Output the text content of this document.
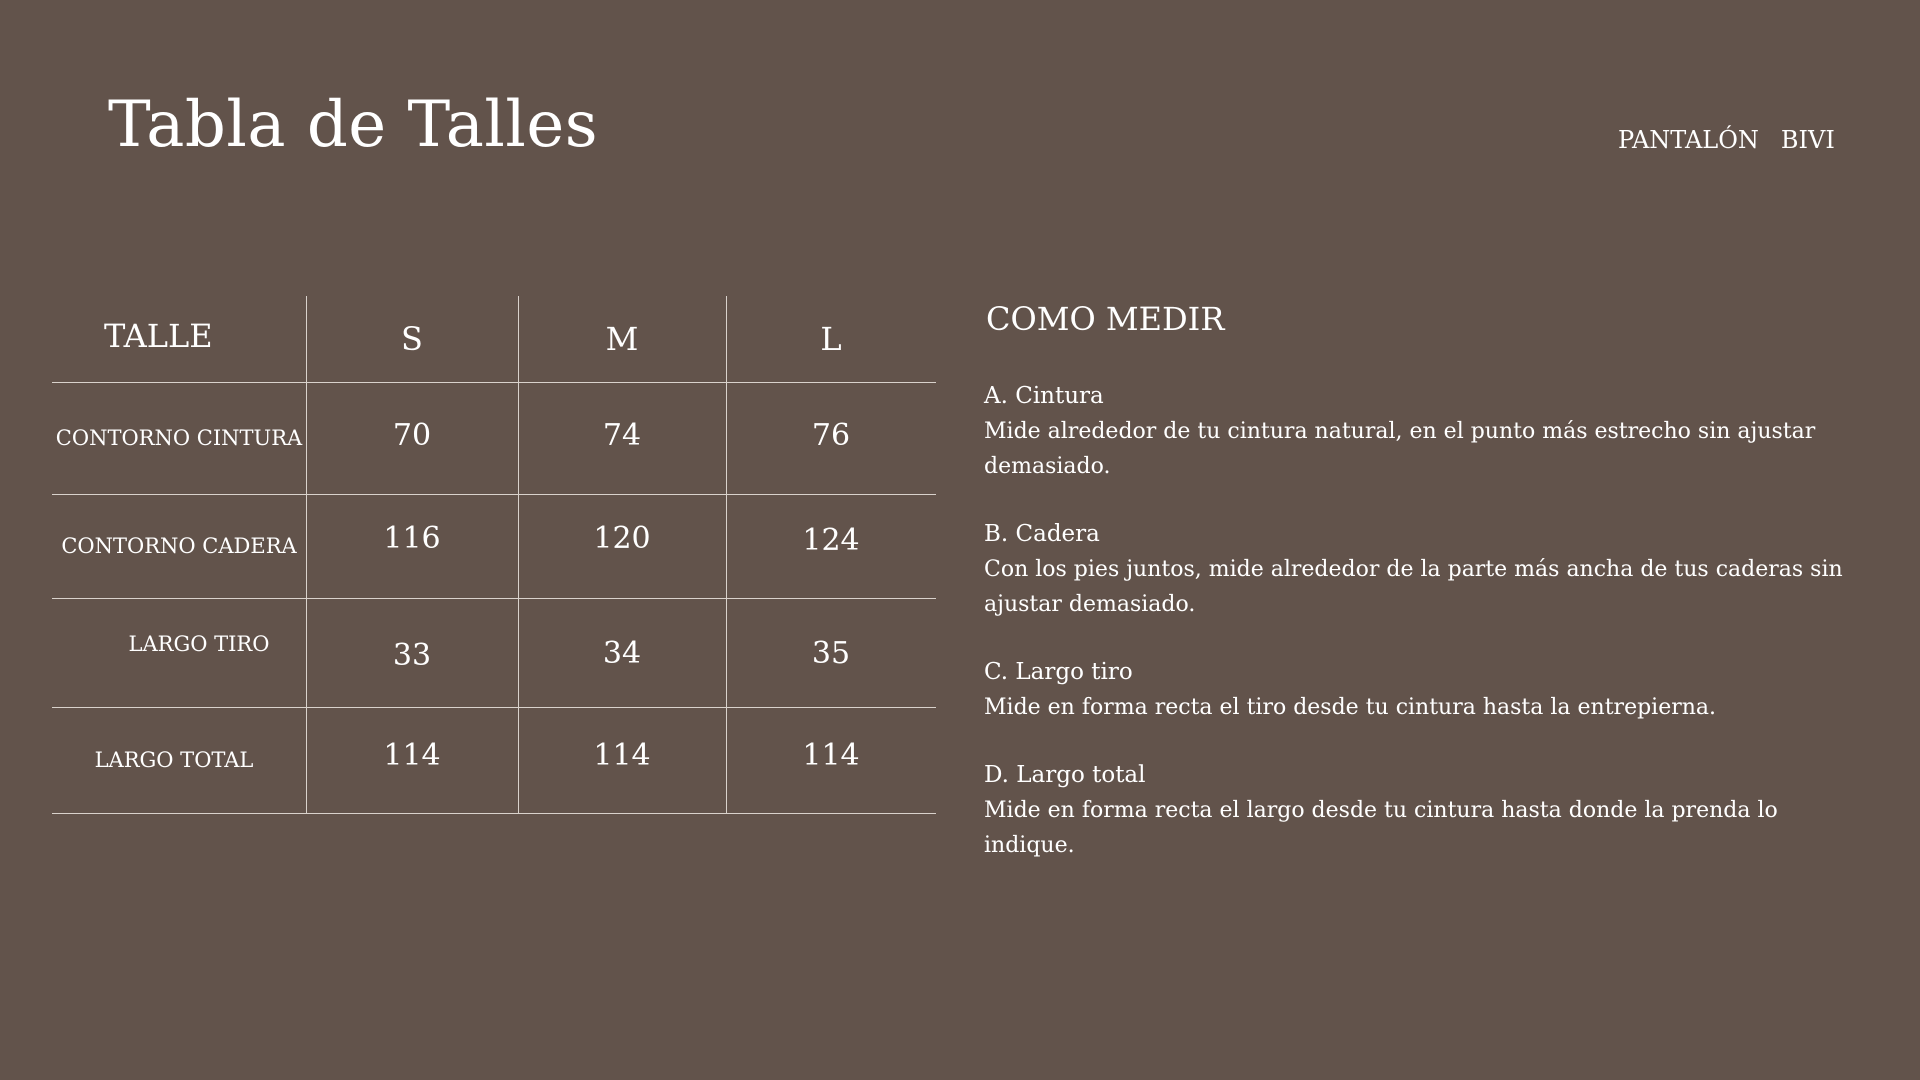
Tabla de Talles	PANTALÓN BIVI
TALLE	S	M	L
CONTORNO CINTURA	70	74	76
CONTORNO CADERA	116	120	124
LARGO TIRO	33	34	35
LARGO TOTAL	114	114	114
COMO MEDIR
A. Cintura
Mide alrededor de tu cintura natural, en el punto más estrecho sin ajustar demasiado.
B. Cadera
Con los pies juntos, mide alrededor de la parte más ancha de tus caderas sin ajustar demasiado.
C. Largo tiro
Mide en forma recta el tiro desde tu cintura hasta la entrepierna.
D. Largo total
Mide en forma recta el largo desde tu cintura hasta donde la prenda lo indique.
